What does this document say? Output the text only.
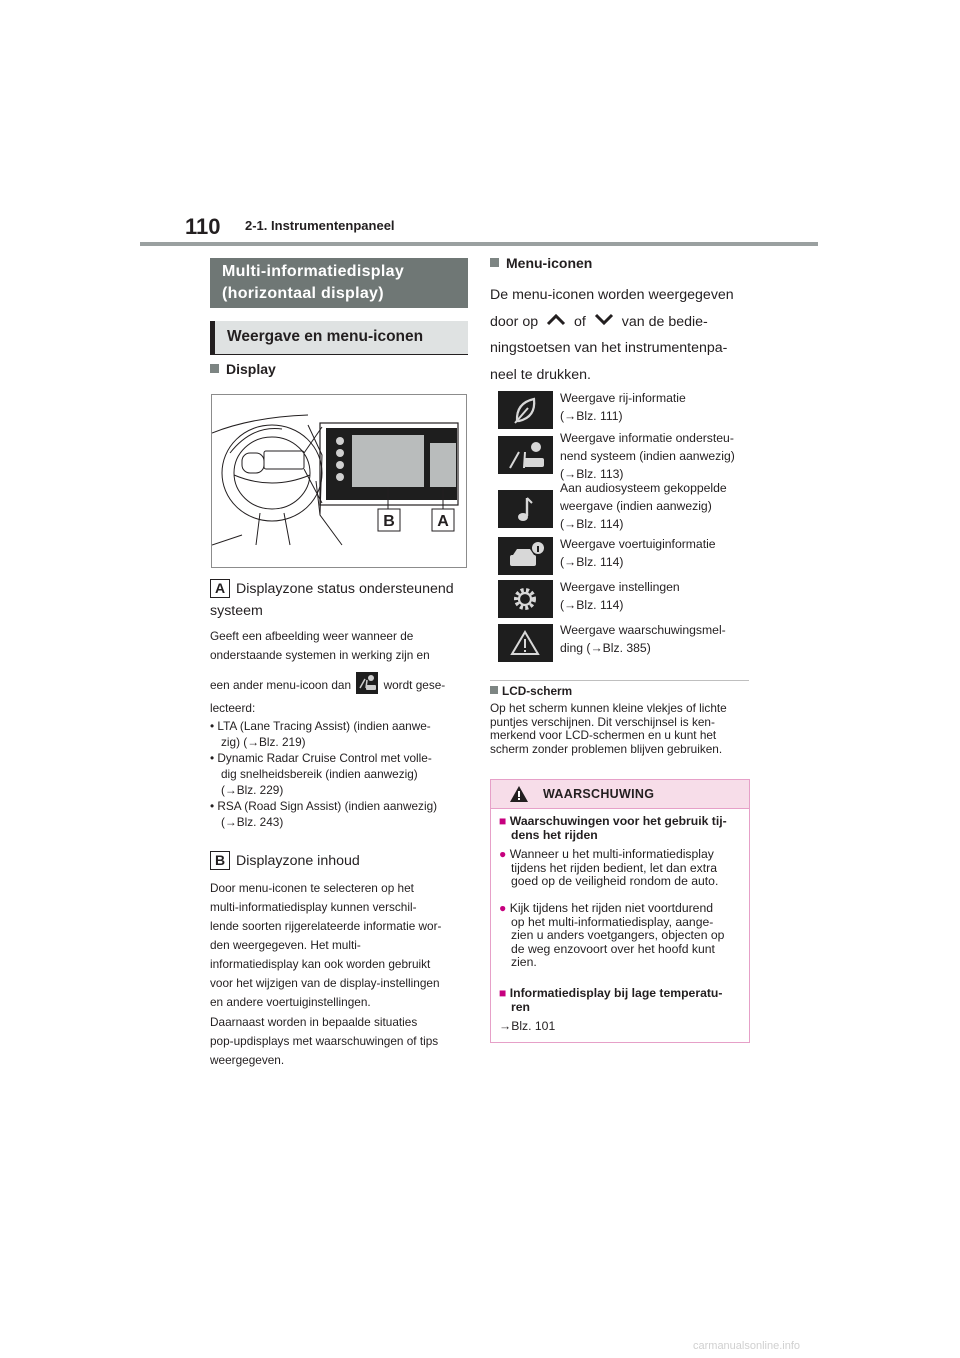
110 2-1. Instrumentenpaneel
Multi-informatiedisplay (horizontaal display)
Weergave en menu-iconen
Display
B	A
A Displayzone status ondersteunend systeem
Geeft een afbeelding weer wanneer de
onderstaande systemen in werking zijn en
een ander menu-icoon dan	wordt gese-
lecteerd:
• LTA (Lane Tracing Assist) (indien aanwe-
zig) (→Blz. 219)
• Dynamic Radar Cruise Control met volle-
dig snelheidsbereik (indien aanwezig)
(→Blz. 229)
• RSA (Road Sign Assist) (indien aanwezig)
(→Blz. 243)
B Displayzone inhoud
Door menu-iconen te selecteren op het
multi-informatiedisplay kunnen verschil-
lende soorten rijgerelateerde informatie wor-
den weergegeven. Het multi-
informatiedisplay kan ook worden gebruikt
voor het wijzigen van de display-instellingen
en andere voertuiginstellingen.
Daarnaast worden in bepaalde situaties
pop-updisplays met waarschuwingen of tips
weergegeven.
Menu-iconen
De menu-iconen worden weergegeven
door op	of	van de bedie-
ningstoetsen van het instrumentenpa-
neel te drukken.
Weergave rij-informatie
(→Blz. 111)
Weergave informatie ondersteu-
nend systeem (indien aanwezig)
(→Blz. 113)
Aan audiosysteem gekoppelde
weergave (indien aanwezig)
(→Blz. 114)
Weergave voertuiginformatie
(→Blz. 114)
Weergave instellingen
(→Blz. 114)
Weergave waarschuwingsmel-
ding (→Blz. 385)
LCD-scherm
Op het scherm kunnen kleine vlekjes of lichte
puntjes verschijnen. Dit verschijnsel is ken-
merkend voor LCD-schermen en u kunt het
scherm zonder problemen blijven gebruiken.
WAARSCHUWING
■ Waarschuwingen voor het gebruik tij-
dens het rijden
● Wanneer u het multi-informatiedisplay
tijdens het rijden bedient, let dan extra
goed op de veiligheid rondom de auto.
● Kijk tijdens het rijden niet voortdurend
op het multi-informatiedisplay, aange-
zien u anders voetgangers, objecten op
de weg enzovoort over het hoofd kunt
zien.
■ Informatiedisplay bij lage temperatu-
ren
→Blz. 101
carmanualsonline.info
